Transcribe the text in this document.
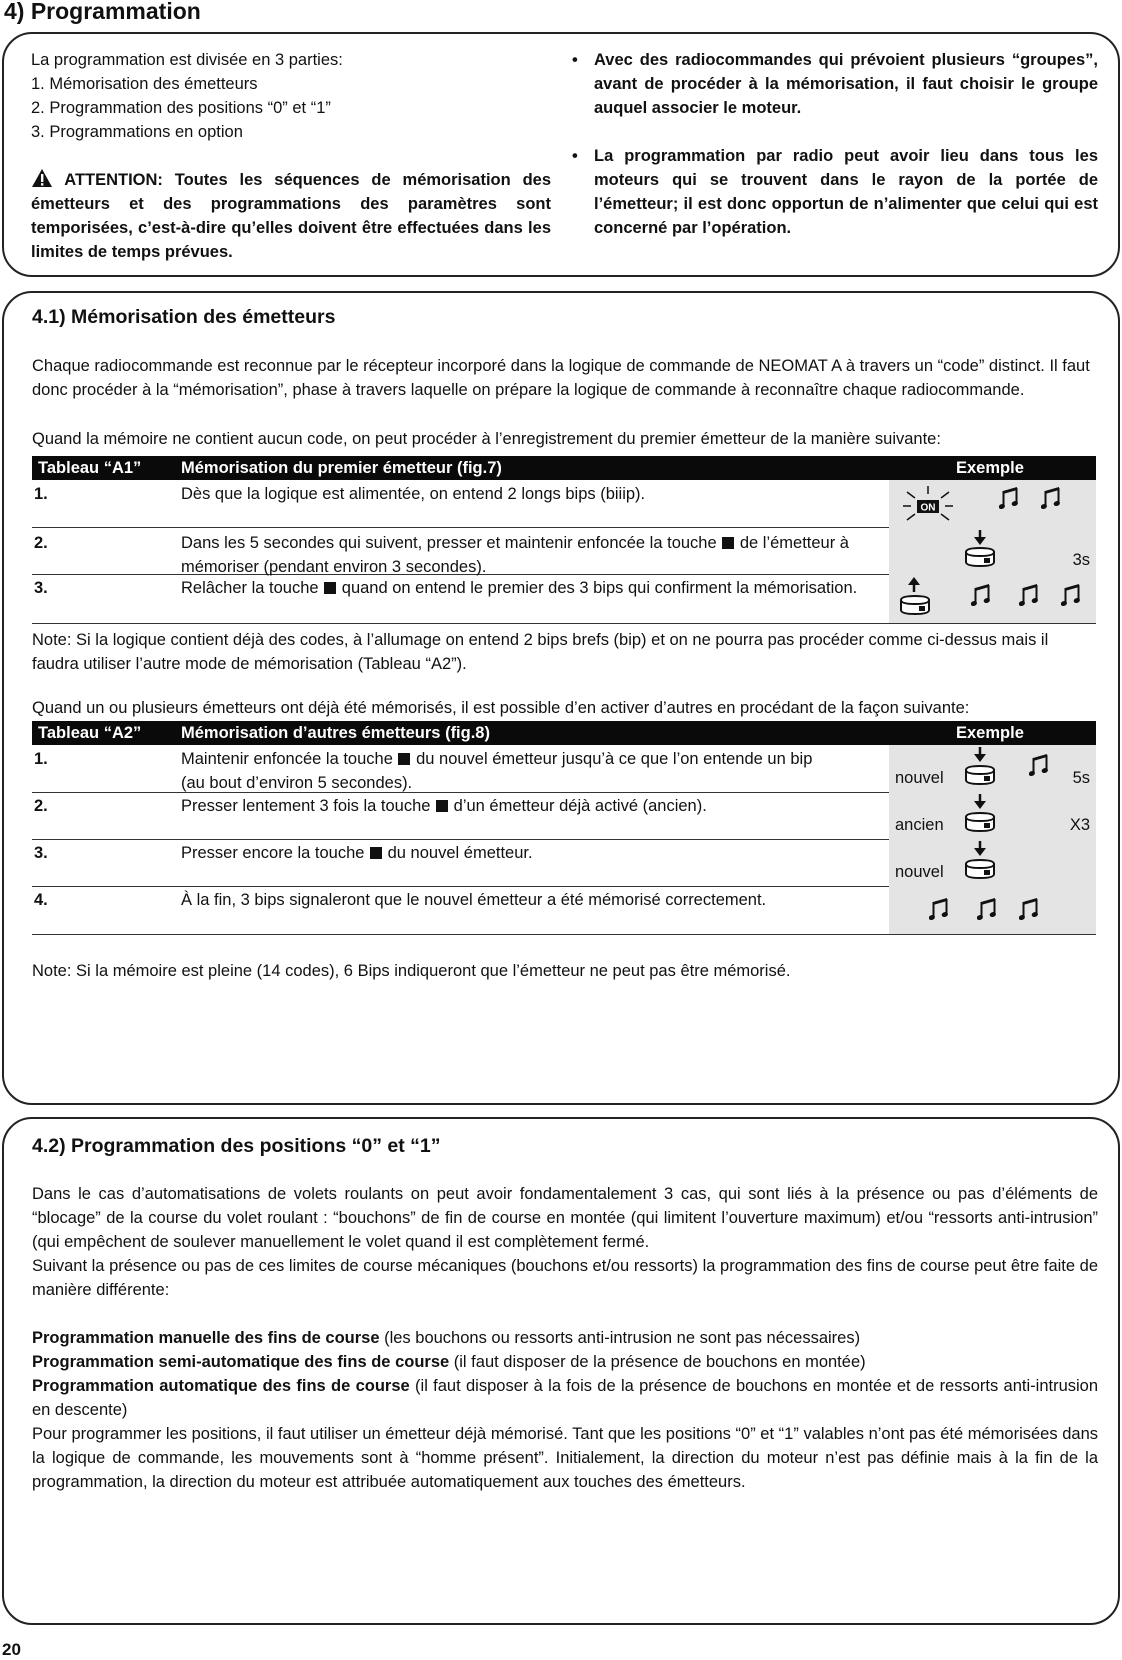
4) Programmation

La programmation est divisée en 3 parties:

1. Mémorisation des émetteurs

2. Programmation des positions “0” et “1”

3. Programmations en option

ATTENTION: Toutes les séquences de mémorisation des émetteurs et des programmations des paramètres sont temporisées, c’est-à-dire qu’elles doivent être effectuées dans les limites de temps prévues.

• Avec des radiocommandes qui prévoient plusieurs “groupes”, avant de procéder à la mémorisation, il faut choisir le groupe auquel associer le moteur.
• La programmation par radio peut avoir lieu dans tous les moteurs qui se trouvent dans le rayon de la portée de l’émetteur; il est donc opportun de n’alimenter que celui qui est concerné par l’opération.

4.1) Mémorisation des émetteurs

Chaque radiocommande est reconnue par le récepteur incorporé dans la logique de commande de NEOMAT A à travers un “code” distinct. Il faut donc procéder à la “mémorisation”, phase à travers laquelle on prépare la logique de commande à reconnaître chaque radiocommande.

Quand la mémoire ne contient aucun code, on peut procéder à l’enregistrement du premier émetteur de la manière suivante:

Tableau “A1” Mémorisation du premier émetteur (fig.7)	Exemple
1.	Dès que la logique est alimentée, on entend 2 longs bips (biiip).
ON
2.	Dans les 5 secondes qui suivent, presser et maintenir enfoncée la touche de l’émetteur à mémoriser (pendant environ 3 secondes).	3s
3.	Relâcher la touche quand on entend le premier des 3 bips qui confirment la mémorisation.

Note: Si la logique contient déjà des codes, à l’allumage on entend 2 bips brefs (bip) et on ne pourra pas procéder comme ci-dessus mais il faudra utiliser l’autre mode de mémorisation (Tableau “A2”).

Quand un ou plusieurs émetteurs ont déjà été mémorisés, il est possible d’en activer d’autres en procédant de la façon suivante:

Tableau “A2” Mémorisation d’autres émetteurs (fig.8)	Exemple
1.	Maintenir enfoncée la touche du nouvel émetteur jusqu’à ce que l’on entende un bip
(au bout d’environ 5 secondes).	nouvel	5s
2.	Presser lentement 3 fois la touche d’un émetteur déjà activé (ancien).
ancien	X3
3.	Presser encore la touche du nouvel émetteur.
nouvel
4.	À la fin, 3 bips signaleront que le nouvel émetteur a été mémorisé correctement.

Note: Si la mémoire est pleine (14 codes), 6 Bips indiqueront que l’émetteur ne peut pas être mémorisé.

4.2) Programmation des positions “0” et “1”

Dans le cas d’automatisations de volets roulants on peut avoir fondamentalement 3 cas, qui sont liés à la présence ou pas d’éléments de “blocage” de la course du volet roulant : “bouchons” de fin de course en montée (qui limitent l’ouverture maximum) et/ou “ressorts anti-intrusion” (qui empêchent de soulever manuellement le volet quand il est complètement fermé.

Suivant la présence ou pas de ces limites de course mécaniques (bouchons et/ou ressorts) la programmation des fins de course peut être faite de manière différente:

Programmation manuelle des fins de course (les bouchons ou ressorts anti-intrusion ne sont pas nécessaires)

Programmation semi-automatique des fins de course (il faut disposer de la présence de bouchons en montée)

Programmation automatique des fins de course (il faut disposer à la fois de la présence de bouchons en montée et de ressorts anti-intrusion en descente)

Pour programmer les positions, il faut utiliser un émetteur déjà mémorisé. Tant que les positions “0” et “1” valables n’ont pas été mémorisées dans la logique de commande, les mouvements sont à “homme présent”. Initialement, la direction du moteur n’est pas définie mais à la fin de la programmation, la direction du moteur est attribuée automatiquement aux touches des émetteurs.

20
